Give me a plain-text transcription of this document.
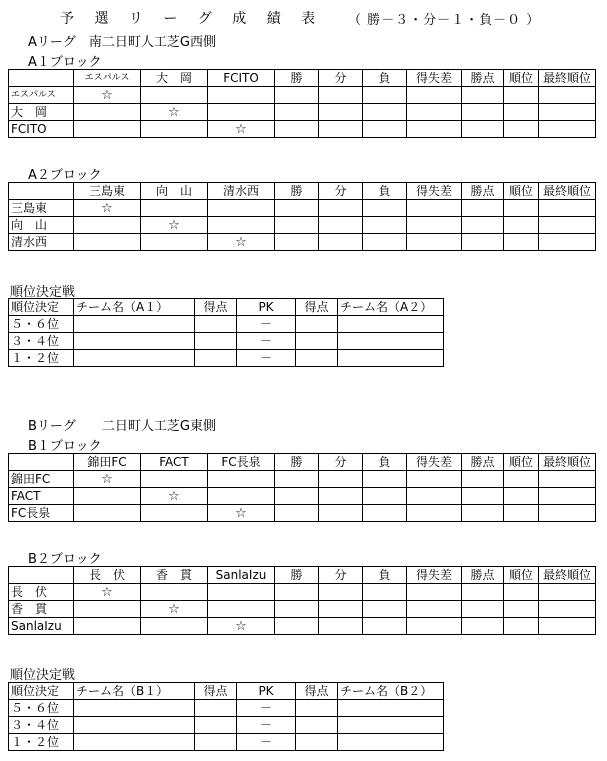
予 選 リ ー グ 成 績 表 （ 勝－３・分－１・負－０ ）
Aリーグ　南二日町人工芝G西側
A１ブロック
	エスパルス	大　岡	FCITO	勝	分	負	得失差	勝点	順位	最終順位
エスパルス	☆									
大　岡		☆								
FCITO			☆							
A２ブロック
	三島東	向　山	清水西	勝	分	負	得失差	勝点	順位	最終順位
三島東	☆									
向　山		☆								
清水西			☆							
順位決定戦
順位決定	チーム名（A１）	得点	PK	得点	チーム名（A２）
５・６位			－		
３・４位			－		
１・２位			－		
Bリーグ　　二日町人工芝G東側
B１ブロック
	錦田FC	FACT	FC長泉	勝	分	負	得失差	勝点	順位	最終順位
錦田FC	☆									
FACT		☆								
FC長泉			☆							
B２ブロック
	長　伏	香　貫	SanlaIzu	勝	分	負	得失差	勝点	順位	最終順位
長　伏	☆									
香　貫		☆								
SanlaIzu			☆							
順位決定戦
順位決定	チーム名（B１）	得点	PK	得点	チーム名（B２）
５・６位			－		
３・４位			－		
１・２位			－		
